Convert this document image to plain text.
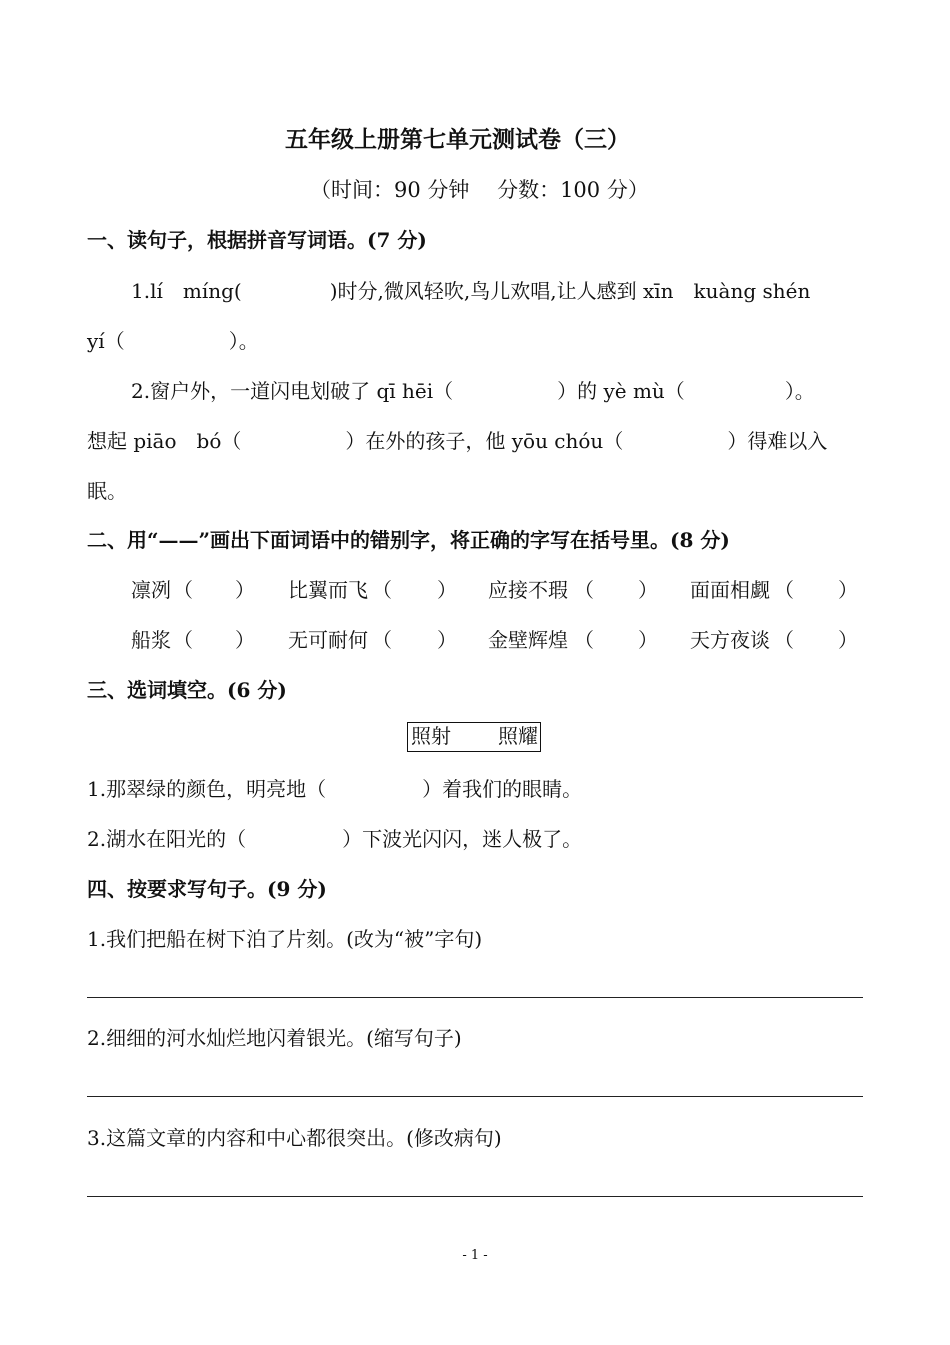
五年级上册第七单元测试卷（三）
（时间：90 分钟　 分数：100 分）
一、读句子，根据拼音写词语。(7 分)
1.lí　míng(	)时分,微风轻吹,鸟儿欢唱,让人感到 xīn　kuàng shén
yí（	）。
2.窗户外，一道闪电划破了 qī hēi（	）的 yè mù（	）。
想起 piāo　bó（	）在外的孩子，他 yōu chóu（	）得难以入
眠。
二、用“——”画出下面词语中的错别字，将正确的字写在括号里。(8 分)
凛冽 （ ） 比翼而飞 （ ） 应接不瑕 （ ） 面面相觑 （ ）
船浆 （ ） 无可耐何 （ ） 金壁辉煌 （ ） 天方夜谈 （ ）
三、选词填空。(6 分)
照射 照耀
1.那翠绿的颜色，明亮地（	）着我们的眼睛。
2.湖水在阳光的（	）下波光闪闪，迷人极了。
四、按要求写句子。(9 分)
1.我们把船在树下泊了片刻。(改为“被”字句)
2.细细的河水灿烂地闪着银光。(缩写句子)
3.这篇文章的内容和中心都很突出。(修改病句)
- 1 -
